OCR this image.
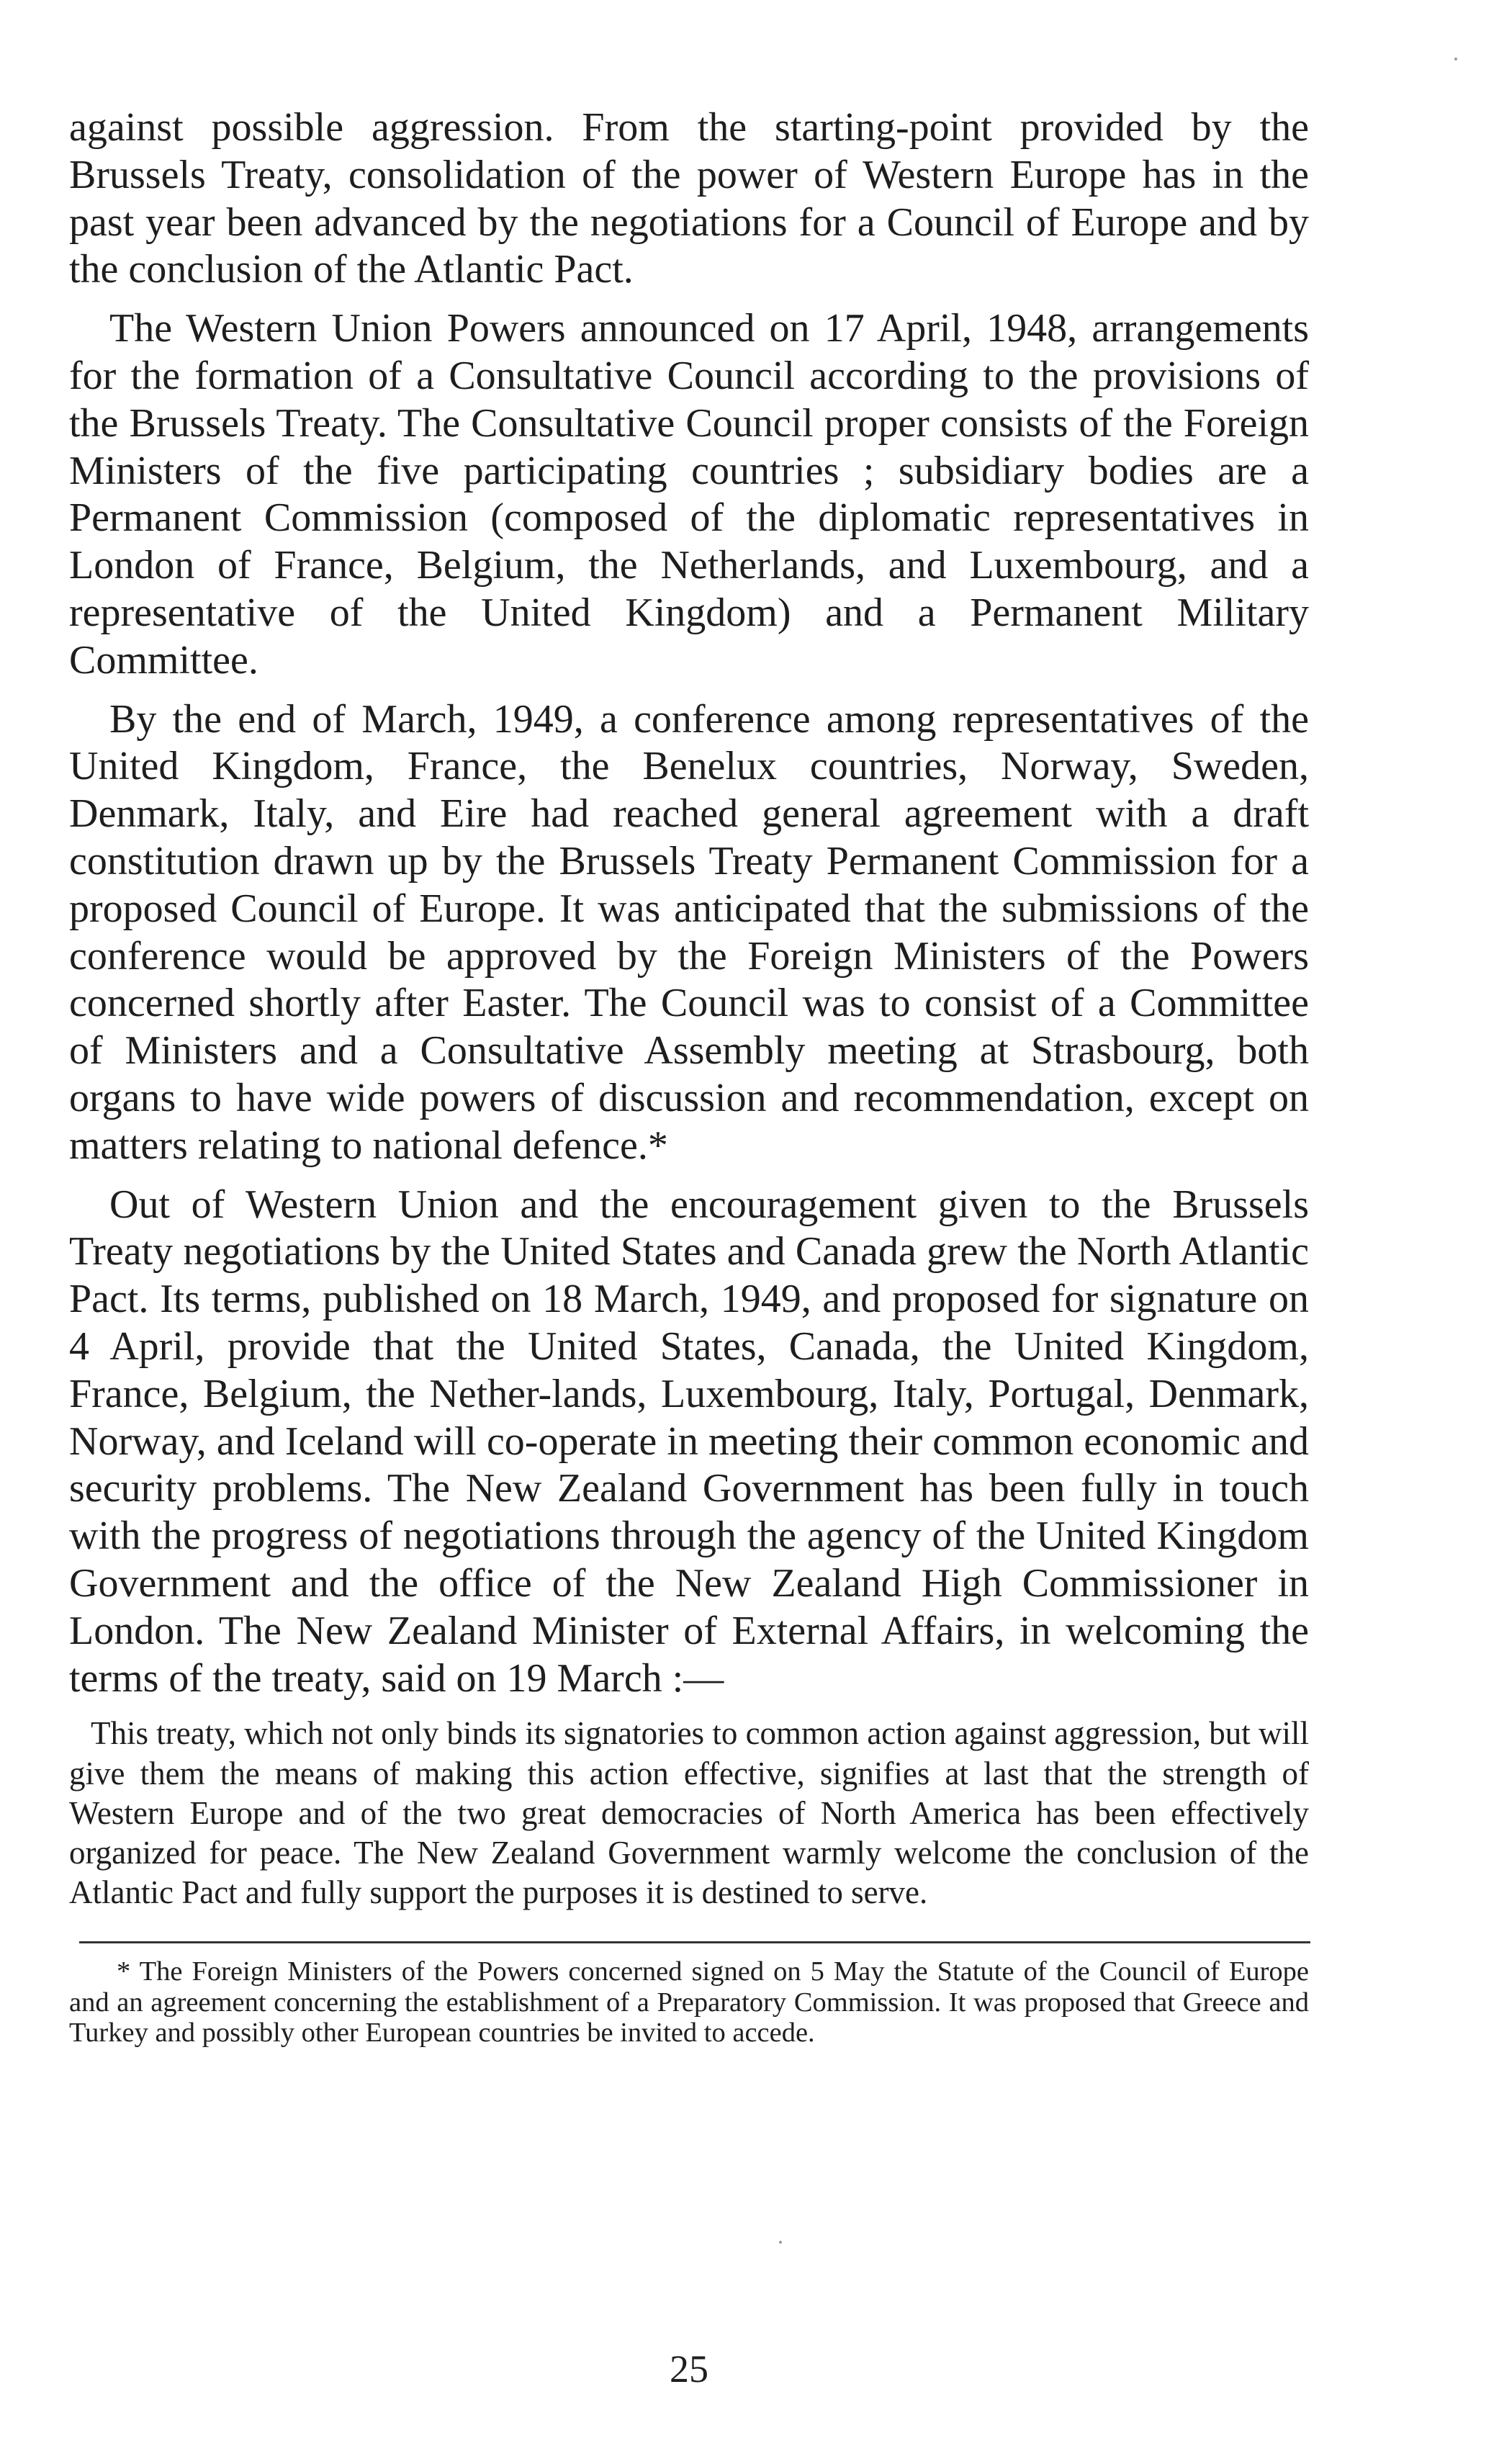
against possible aggression. From the starting-point provided by the Brussels Treaty, consolidation of the power of Western Europe has in the past year been advanced by the negotiations for a Council of Europe and by the conclusion of the Atlantic Pact.

The Western Union Powers announced on 17 April, 1948, arrangements for the formation of a Consultative Council according to the provisions of the Brussels Treaty. The Consultative Council proper consists of the Foreign Ministers of the five participating countries ; subsidiary bodies are a Permanent Commission (composed of the diplomatic representatives in London of France, Belgium, the Netherlands, and Luxembourg, and a representative of the United Kingdom) and a Permanent Military Committee.

By the end of March, 1949, a conference among representatives of the United Kingdom, France, the Benelux countries, Norway, Sweden, Denmark, Italy, and Eire had reached general agreement with a draft constitution drawn up by the Brussels Treaty Permanent Commission for a proposed Council of Europe. It was anticipated that the submissions of the conference would be approved by the Foreign Ministers of the Powers concerned shortly after Easter. The Council was to consist of a Committee of Ministers and a Consultative Assembly meeting at Strasbourg, both organs to have wide powers of discussion and recommendation, except on matters relating to national defence.*

Out of Western Union and the encouragement given to the Brussels Treaty negotiations by the United States and Canada grew the North Atlantic Pact. Its terms, published on 18 March, 1949, and proposed for signature on 4 April, provide that the United States, Canada, the United Kingdom, France, Belgium, the Nether-lands, Luxembourg, Italy, Portugal, Denmark, Norway, and Iceland will co-operate in meeting their common economic and security problems. The New Zealand Government has been fully in touch with the progress of negotiations through the agency of the United Kingdom Government and the office of the New Zealand High Commissioner in London. The New Zealand Minister of External Affairs, in welcoming the terms of the treaty, said on 19 March :—

This treaty, which not only binds its signatories to common action against aggression, but will give them the means of making this action effective, signifies at last that the strength of Western Europe and of the two great democracies of North America has been effectively organized for peace. The New Zealand Government warmly welcome the conclusion of the Atlantic Pact and fully support the purposes it is destined to serve.

* The Foreign Ministers of the Powers concerned signed on 5 May the Statute of the Council of Europe and an agreement concerning the establishment of a Preparatory Commission. It was proposed that Greece and Turkey and possibly other European countries be invited to accede.

25
